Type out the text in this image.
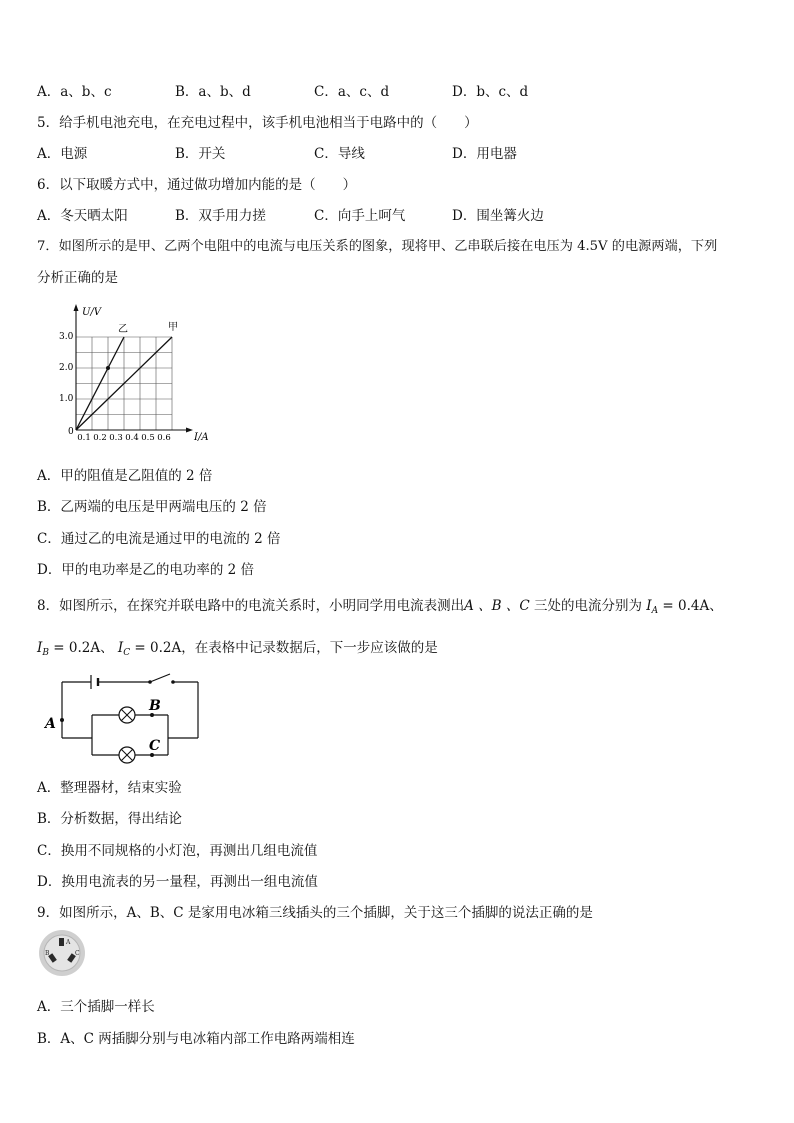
A．a、b、c	B．a、b、d	C．a、c、d	D．b、c、d
5．给手机电池充电，在充电过程中，该手机电池相当于电路中的（　　）
A．电源	B．开关	C．导线	D．用电器
6．以下取暖方式中，通过做功增加内能的是（　　）
A．冬天晒太阳	B．双手用力搓	C．向手上呵气	D．围坐篝火边
7．如图所示的是甲、乙两个电阻中的电流与电压关系的图象，现将甲、乙串联后接在电压为 4.5V 的电源两端，下列
分析正确的是
U/V
I/A
0
3.0
2.0
1.0
0.1 0.2 0.3 0.4 0.5 0.6
乙	甲
A．甲的阻值是乙阻值的 2 倍
B．乙两端的电压是甲两端电压的 2 倍
C．通过乙的电流是通过甲的电流的 2 倍
D．甲的电功率是乙的电功率的 2 倍
8．如图所示，在探究并联电路中的电流关系时，小明同学用电流表测出A 、B 、C 三处的电流分别为 $I_A = 0.4A$、
$I_B = 0.2A$、 $I_C = 0.2A$，在表格中记录数据后，下一步应该做的是
A
B
C
A．整理器材，结束实验
B．分析数据，得出结论
C．换用不同规格的小灯泡，再测出几组电流值
D．换用电流表的另一量程，再测出一组电流值
9．如图所示，A、B、C 是家用电冰箱三线插头的三个插脚，关于这三个插脚的说法正确的是
A
B	C
A．三个插脚一样长
B．A、C 两插脚分别与电冰箱内部工作电路两端相连
